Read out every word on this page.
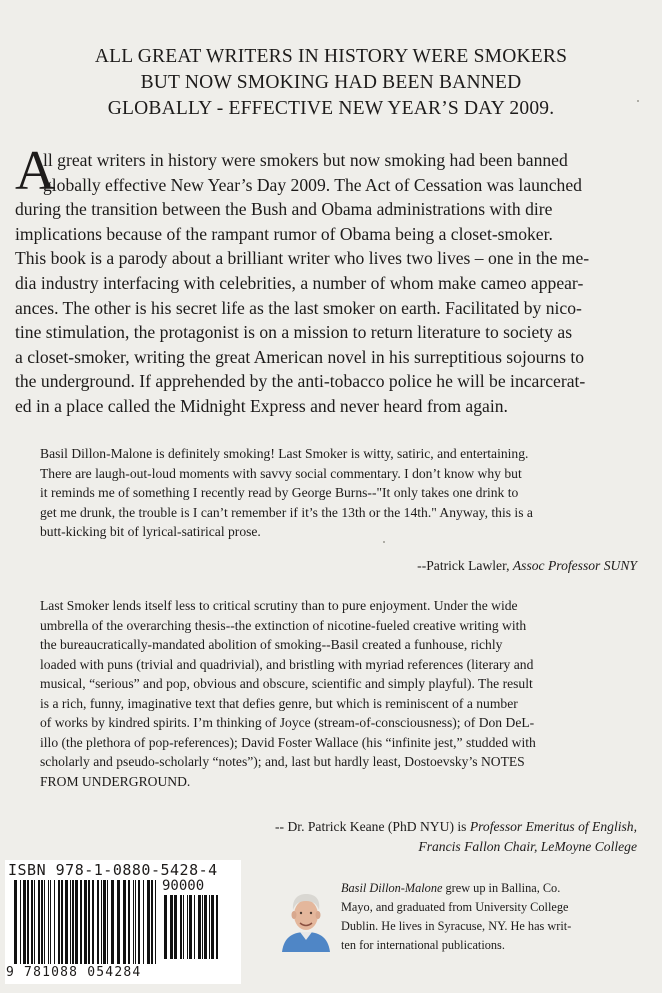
ALL GREAT WRITERS IN HISTORY WERE SMOKERS
BUT NOW SMOKING HAD BEEN BANNED
GLOBALLY - EFFECTIVE NEW YEAR’S DAY 2009.
A
ll great writers in history were smokers but now smoking had been banned
globally effective New Year’s Day 2009. The Act of Cessation was launched
during the transition between the Bush and Obama administrations with dire
implications because of the rampant rumor of Obama being a closet-smoker.
This book is a parody about a brilliant writer who lives two lives – one in the me-
dia industry interfacing with celebrities, a number of whom make cameo appear-
ances. The other is his secret life as the last smoker on earth. Facilitated by nico-
tine stimulation, the protagonist is on a mission to return literature to society as
a closet-smoker, writing the great American novel in his surreptitious sojourns to
the underground. If apprehended by the anti-tobacco police he will be incarcerat-
ed in a place called the Midnight Express and never heard from again.
Basil Dillon-Malone is definitely smoking! Last Smoker is witty, satiric, and entertaining.
There are laugh-out-loud moments with savvy social commentary. I don’t know why but
it reminds me of something I recently read by George Burns--"It only takes one drink to
get me drunk, the trouble is I can’t remember if it’s the 13th or the 14th." Anyway, this is a
butt-kicking bit of lyrical-satirical prose.
--Patrick Lawler, Assoc Professor SUNY
Last Smoker lends itself less to critical scrutiny than to pure enjoyment. Under the wide
umbrella of the overarching thesis--the extinction of nicotine-fueled creative writing with
the bureaucratically-mandated abolition of smoking--Basil created a funhouse, richly
loaded with puns (trivial and quadrivial), and bristling with myriad references (literary and
musical, “serious” and pop, obvious and obscure, scientific and simply playful). The result
is a rich, funny, imaginative text that defies genre, but which is reminiscent of a number
of works by kindred spirits. I’m thinking of Joyce (stream-of-consciousness); of Don DeL-
illo (the plethora of pop-references); David Foster Wallace (his “infinite jest,” studded with
scholarly and pseudo-scholarly “notes”); and, last but hardly least, Dostoevsky’s NOTES
FROM UNDERGROUND.
-- Dr. Patrick Keane (PhD NYU) is Professor Emeritus of English,
Francis Fallon Chair, LeMoyne College
ISBN 978-1-0880-5428-4
90000
9 781088 054284
Basil Dillon-Malone grew up in Ballina, Co.
Mayo, and graduated from University College
Dublin. He lives in Syracuse, NY. He has writ-
ten for international publications.
